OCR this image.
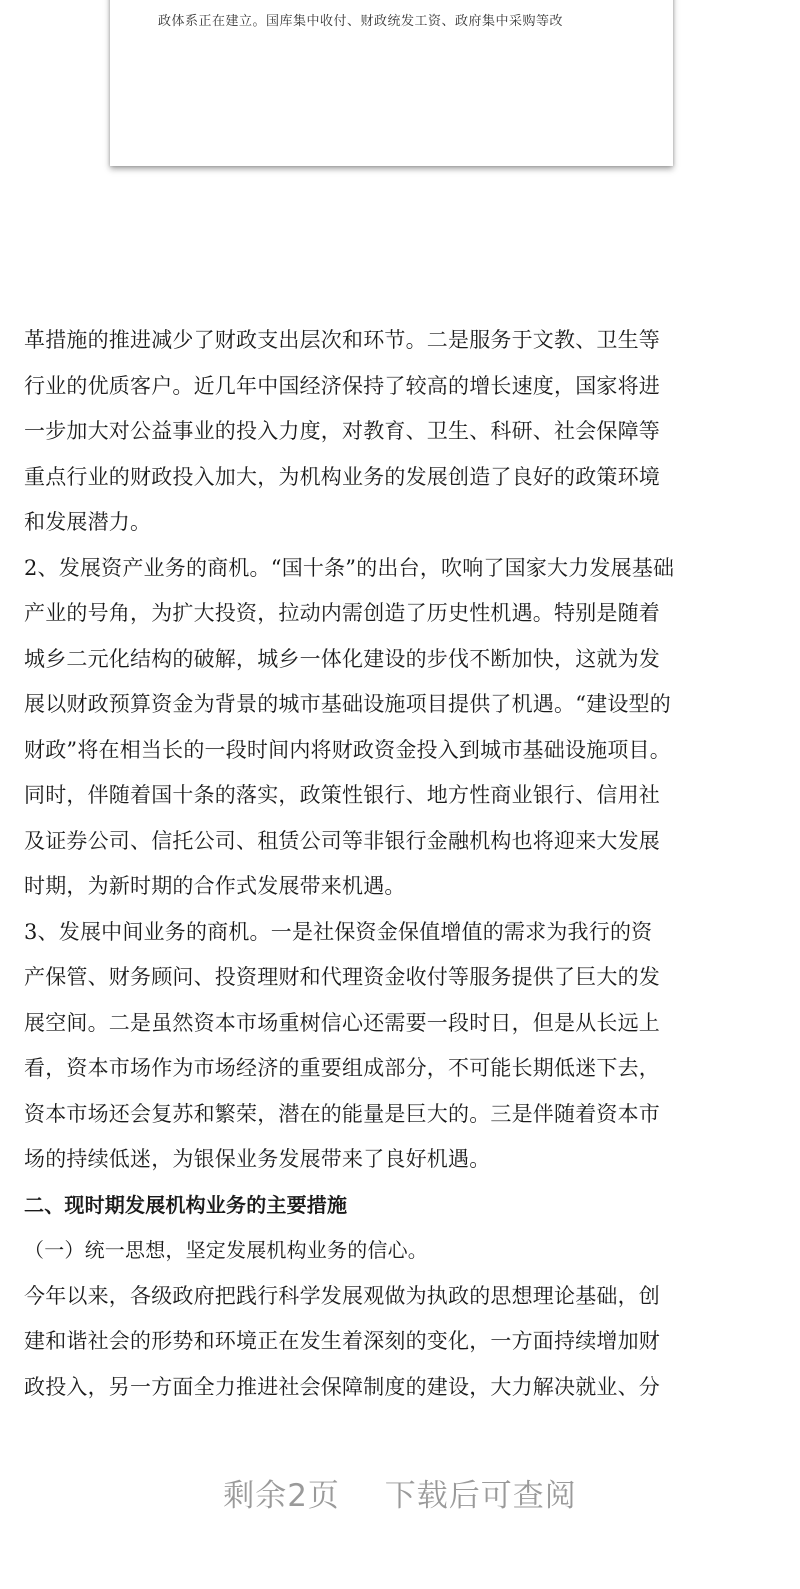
政体系正在建立。国库集中收付、财政统发工资、政府集中采购等改
革措施的推进减少了财政支出层次和环节。二是服务于文教、卫生等
行业的优质客户。近几年中国经济保持了较高的增长速度，国家将进
一步加大对公益事业的投入力度，对教育、卫生、科研、社会保障等
重点行业的财政投入加大，为机构业务的发展创造了良好的政策环境
和发展潜力。
2、发展资产业务的商机。“国十条”的出台，吹响了国家大力发展基础
产业的号角，为扩大投资，拉动内需创造了历史性机遇。特别是随着
城乡二元化结构的破解，城乡一体化建设的步伐不断加快，这就为发
展以财政预算资金为背景的城市基础设施项目提供了机遇。“建设型的
财政”将在相当长的一段时间内将财政资金投入到城市基础设施项目。
同时，伴随着国十条的落实，政策性银行、地方性商业银行、信用社
及证券公司、信托公司、租赁公司等非银行金融机构也将迎来大发展
时期，为新时期的合作式发展带来机遇。
3、发展中间业务的商机。一是社保资金保值增值的需求为我行的资
产保管、财务顾问、投资理财和代理资金收付等服务提供了巨大的发
展空间。二是虽然资本市场重树信心还需要一段时日，但是从长远上
看，资本市场作为市场经济的重要组成部分，不可能长期低迷下去，
资本市场还会复苏和繁荣，潜在的能量是巨大的。三是伴随着资本市
场的持续低迷，为银保业务发展带来了良好机遇。
二、现时期发展机构业务的主要措施
（一）统一思想，坚定发展机构业务的信心。
今年以来，各级政府把践行科学发展观做为执政的思想理论基础，创
建和谐社会的形势和环境正在发生着深刻的变化，一方面持续增加财
政投入，另一方面全力推进社会保障制度的建设，大力解决就业、分
剩余2页 下载后可查阅
